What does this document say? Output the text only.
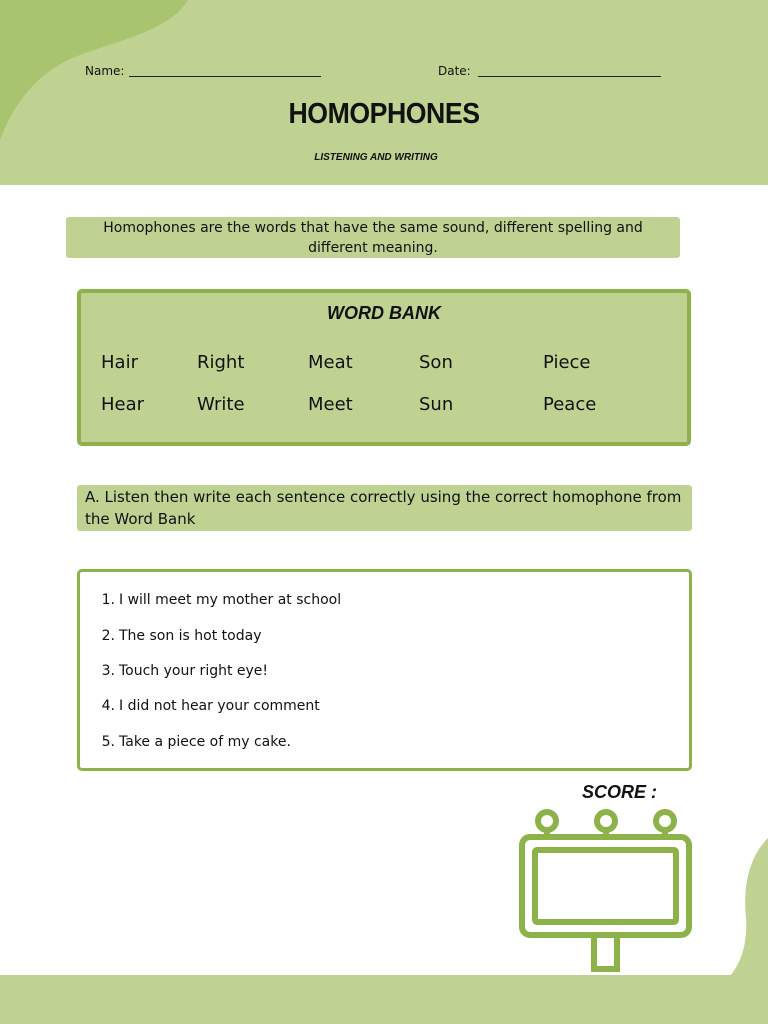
Name:	Date:
HOMOPHONES
LISTENING AND WRITING
Homophones are the words that have the same sound, different spelling and different meaning.
WORD BANK
Hair
Hear
Right
Write
Meat
Meet
Son
Sun
Piece
Peace
A. Listen then write each sentence correctly using the correct homophone from the Word Bank
1. I will meet my mother at school
2. The son is hot today
3. Touch your right eye!
4. I did not hear your comment
5. Take a piece of my cake.
SCORE :
